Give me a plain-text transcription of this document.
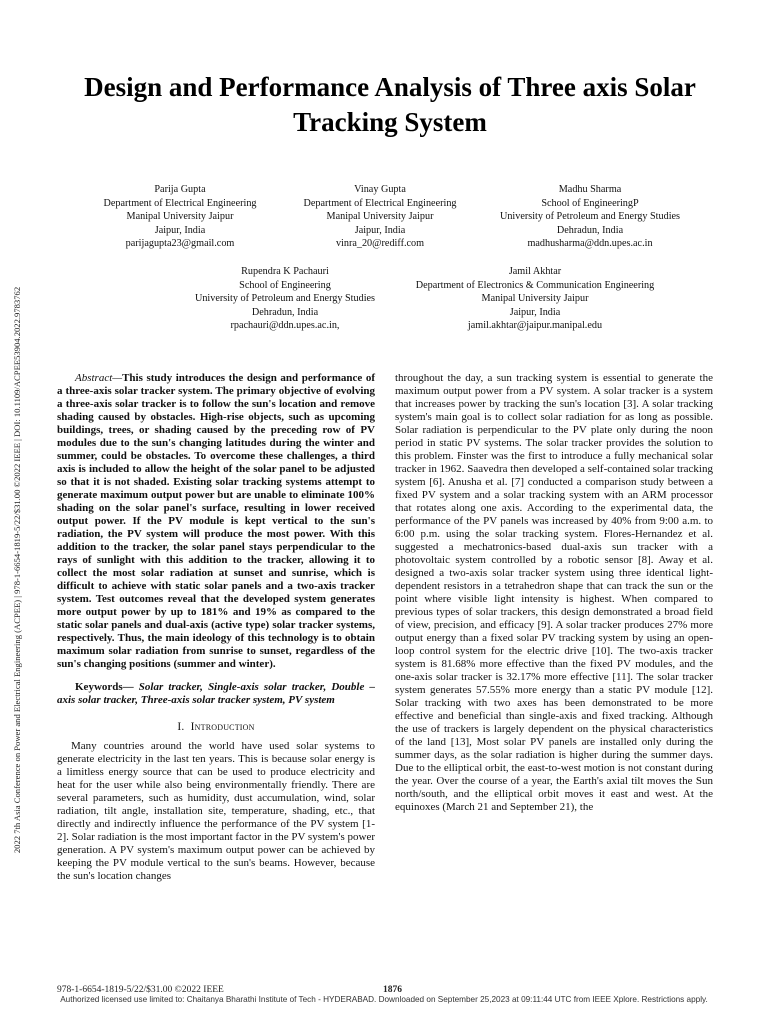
2022 7th Asia Conference on Power and Electrical Engineering (ACPEE) | 978-1-6654-1819-5/22/$31.00 ©2022 IEEE | DOI: 10.1109/ACPEE53904.2022.9783762
Design and Performance Analysis of Three axis Solar Tracking System
Parija Gupta
Department of Electrical Engineering
Manipal University Jaipur
Jaipur, India
parijagupta23@gmail.com
Vinay Gupta
Department of Electrical Engineering
Manipal University Jaipur
Jaipur, India
vinra_20@rediff.com
Madhu Sharma
School of EngineeringP
University of Petroleum and Energy Studies
Dehradun, India
madhusharma@ddn.upes.ac.in
Rupendra K Pachauri
School of Engineering
University of Petroleum and Energy Studies
Dehradun, India
rpachauri@ddn.upes.ac.in,
Jamil Akhtar
Department of Electronics & Communication Engineering
Manipal University Jaipur
Jaipur, India
jamil.akhtar@jaipur.manipal.edu

Abstract—This study introduces the design and performance of a three-axis solar tracker system. The primary objective of evolving a three-axis solar tracker is to follow the sun's location and remove shading caused by obstacles. High-rise objects, such as upcoming buildings, trees, or shading caused by the preceding row of PV modules due to the sun's changing latitudes during the winter and summer, could be obstacles. To overcome these challenges, a third axis is included to allow the height of the solar panel to be adjusted so that it is not shaded. Existing solar tracking systems attempt to generate maximum output power but are unable to eliminate 100% shading on the solar panel's surface, resulting in lower received output power. If the PV module is kept vertical to the sun's radiation, the PV system will produce the most power. With this addition to the tracker, the solar panel stays perpendicular to the rays of sunlight with this addition to the tracker, allowing it to collect the most solar radiation at sunset and sunrise, which is difficult to achieve with static solar panels and a two-axis tracker system. Test outcomes reveal that the developed system generates more output power by up to 181% and 19% as compared to the static solar panels and dual-axis (active type) solar tracker systems, respectively. Thus, the main ideology of this technology is to obtain maximum solar radiation from sunrise to sunset, regardless of the sun's changing positions (summer and winter).

Keywords— Solar tracker, Single-axis solar tracker, Double –axis solar tracker, Three-axis solar tracker system, PV system

I. Introduction

Many countries around the world have used solar systems to generate electricity in the last ten years. This is because solar energy is a limitless energy source that can be used to produce electricity and heat for the user while also being environmentally friendly. There are several parameters, such as humidity, dust accumulation, wind, solar radiation, tilt angle, installation site, temperature, shading, etc., that directly and indirectly influence the performance of the PV system [1-2]. Solar radiation is the most important factor in the PV system's power generation. A PV system's maximum output power can be achieved by keeping the PV module vertical to the sun's beams. However, because the sun's location changes

throughout the day, a sun tracking system is essential to generate the maximum output power from a PV system. A solar tracker is a system that increases power by tracking the sun's location [3]. A solar tracking system's main goal is to collect solar radiation for as long as possible. Solar radiation is perpendicular to the PV plate only during the noon period in static PV systems. The solar tracker provides the solution to this problem. Finster was the first to introduce a fully mechanical solar tracker in 1962. Saavedra then developed a self-contained solar tracking system [6]. Anusha et al. [7] conducted a comparison study between a fixed PV system and a solar tracking system with an ARM processor that rotates along one axis. According to the experimental data, the performance of the PV panels was increased by 40% from 9:00 a.m. to 6:00 p.m. using the solar tracking system. Flores-Hernandez et al. suggested a mechatronics-based dual-axis sun tracker with a photovoltaic system controlled by a robotic sensor [8]. Away et al. designed a two-axis solar tracker system using three identical light-dependent resistors in a tetrahedron shape that can track the sun or the point where visible light intensity is highest. When compared to previous types of solar trackers, this design demonstrated a broad field of view, precision, and efficacy [9]. A solar tracker produces 27% more output energy than a fixed solar PV tracking system by using an open-loop control system for the electric drive [10]. The two-axis tracker system is 81.68% more effective than the fixed PV modules, and the one-axis solar tracker is 32.17% more effective [11]. The solar tracker system generates 57.55% more energy than a static PV module [12]. Solar tracking with two axes has been demonstrated to be more effective and beneficial than single-axis and fixed tracking. Although the use of trackers is largely dependent on the physical characteristics of the land [13], Most solar PV panels are installed only during the summer days, as the solar radiation is higher during the summer days. Due to the elliptical orbit, the east-to-west motion is not constant during the year. Over the course of a year, the Earth's axial tilt moves the Sun north/south, and the elliptical orbit moves it east and west. At the equinoxes (March 21 and September 21), the

978-1-6654-1819-5/22/$31.00 ©2022 IEEE	1876
Authorized licensed use limited to: Chaitanya Bharathi Institute of Tech - HYDERABAD. Downloaded on September 25,2023 at 09:11:44 UTC from IEEE Xplore. Restrictions apply.
